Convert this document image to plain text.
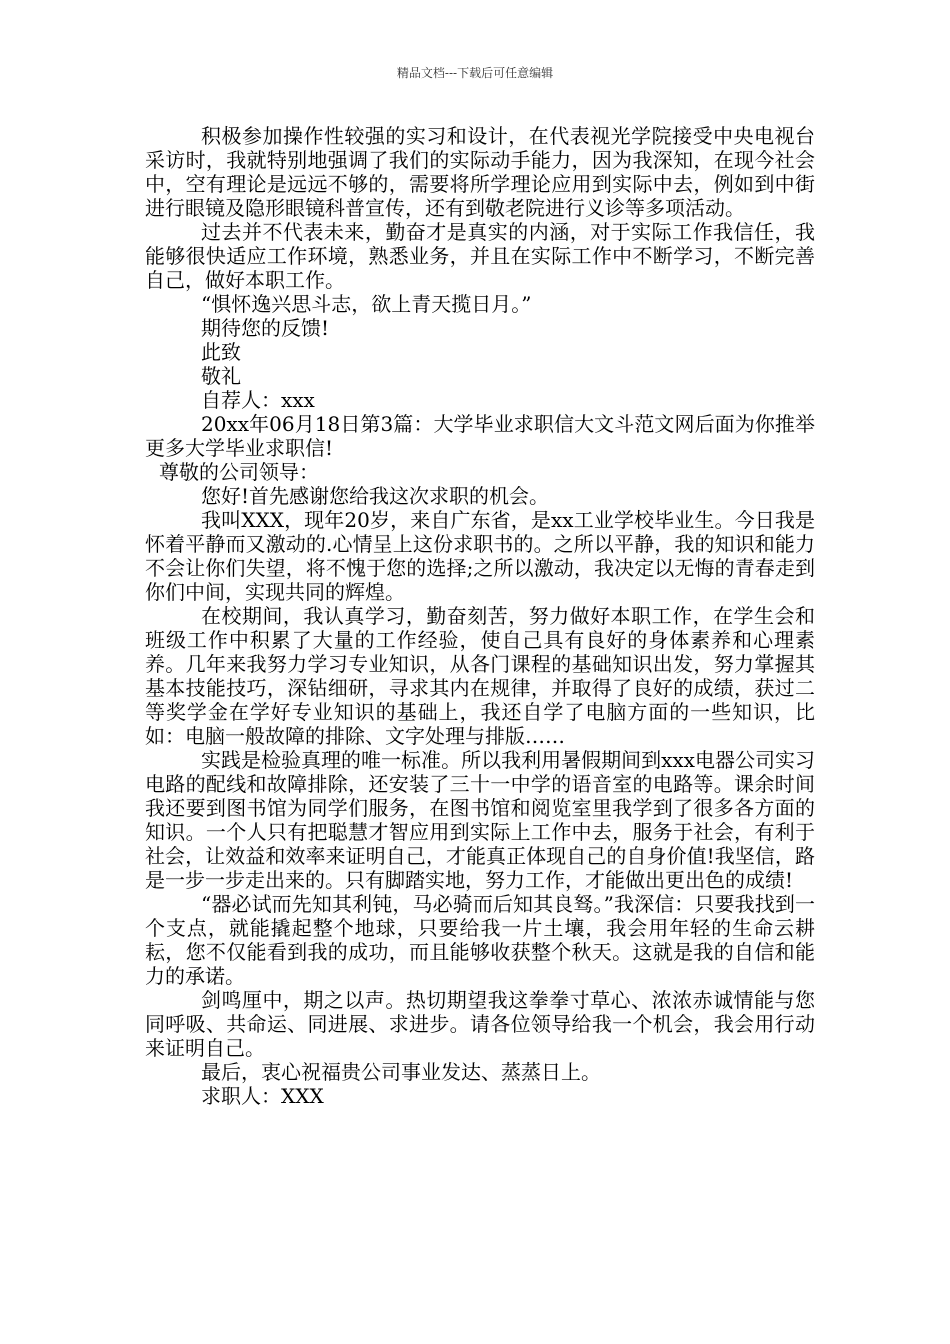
精品文档---下载后可任意编辑

积极参加操作性较强的实习和设计，在代表视光学院接受中央电视台采访时，我就特别地强调了我们的实际动手能力，因为我深知，在现今社会中，空有理论是远远不够的，需要将所学理论应用到实际中去，例如到中街进行眼镜及隐形眼镜科普宣传，还有到敬老院进行义诊等多项活动。

过去并不代表未来，勤奋才是真实的内涵，对于实际工作我信任，我能够很快适应工作环境，熟悉业务，并且在实际工作中不断学习，不断完善自己，做好本职工作。

“惧怀逸兴思斗志，欲上青天揽日月。”

期待您的反馈!

此致

敬礼

自荐人：xxx

20xx年06月18日第3篇：大学毕业求职信大文斗范文网后面为你推举更多大学毕业求职信!

尊敬的公司领导：

您好!首先感谢您给我这次求职的机会。

我叫XXX，现年20岁，来自广东省，是xx工业学校毕业生。今日我是怀着平静而又激动的.心情呈上这份求职书的。之所以平静，我的知识和能力不会让你们失望，将不愧于您的选择;之所以激动，我决定以无悔的青春走到你们中间，实现共同的辉煌。

在校期间，我认真学习，勤奋刻苦，努力做好本职工作，在学生会和班级工作中积累了大量的工作经验，使自己具有良好的身体素养和心理素养。几年来我努力学习专业知识，从各门课程的基础知识出发，努力掌握其基本技能技巧，深钻细研，寻求其内在规律，并取得了良好的成绩，获过二等奖学金在学好专业知识的基础上，我还自学了电脑方面的一些知识，比如：电脑一般故障的排除、文字处理与排版……

实践是检验真理的唯一标准。所以我利用暑假期间到xxx电器公司实习电路的配线和故障排除，还安装了三十一中学的语音室的电路等。课余时间我还要到图书馆为同学们服务，在图书馆和阅览室里我学到了很多各方面的知识。一个人只有把聪慧才智应用到实际上工作中去，服务于社会，有利于社会，让效益和效率来证明自己，才能真正体现自己的自身价值!我坚信，路是一步一步走出来的。只有脚踏实地，努力工作，才能做出更出色的成绩!

“器必试而先知其利钝，马必骑而后知其良驽。”我深信：只要我找到一个支点，就能撬起整个地球，只要给我一片土壤，我会用年轻的生命云耕耘，您不仅能看到我的成功，而且能够收获整个秋天。这就是我的自信和能力的承诺。

剑鸣厘中，期之以声。热切期望我这拳拳寸草心、浓浓赤诚情能与您同呼吸、共命运、同进展、求进步。请各位领导给我一个机会，我会用行动来证明自己。

最后，衷心祝福贵公司事业发达、蒸蒸日上。

求职人：XXX
